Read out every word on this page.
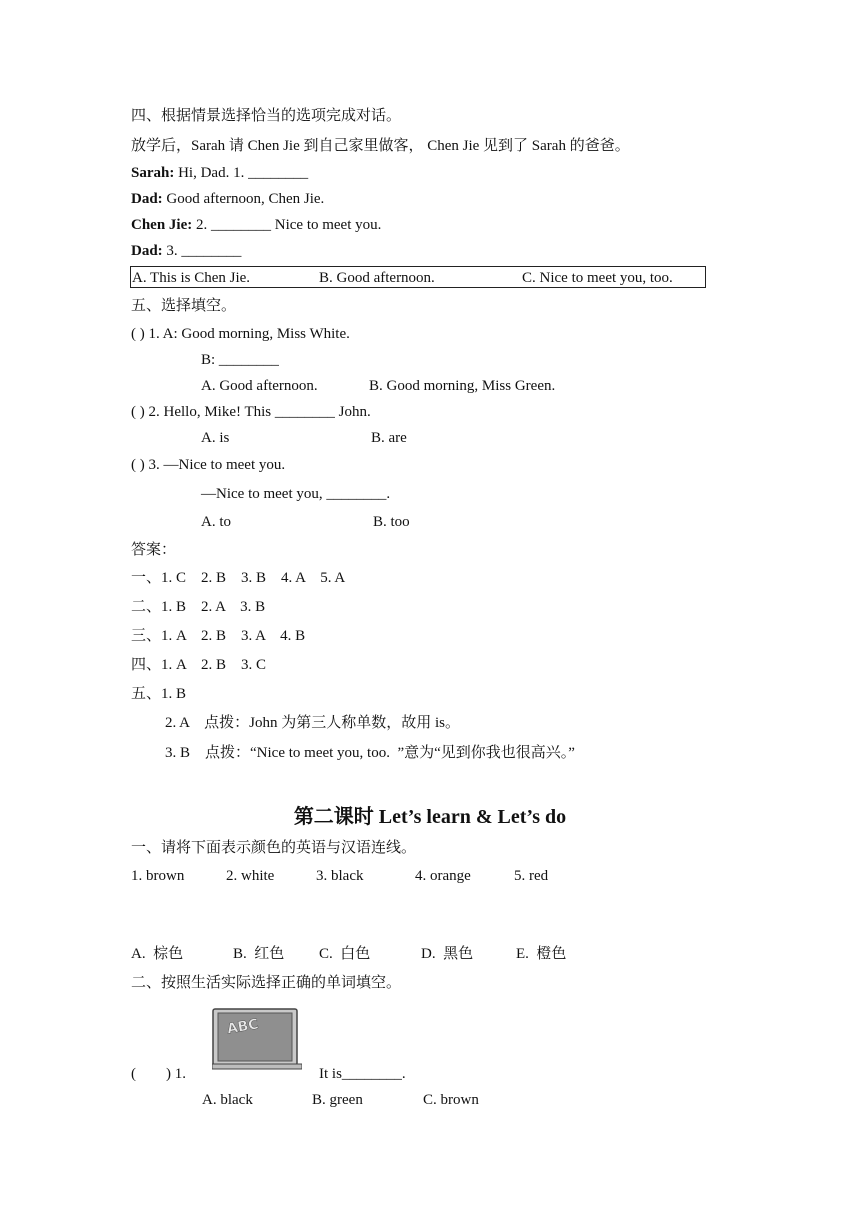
四、根据情景选择恰当的选项完成对话。
放学后，Sarah 请 Chen Jie 到自己家里做客， Chen Jie 见到了 Sarah 的爸爸。
Sarah: Hi, Dad. 1. ________
Dad: Good afternoon, Chen Jie.
Chen Jie: 2. ________ Nice to meet you.
Dad: 3. ________
A. This is Chen Jie.	B. Good afternoon.	C. Nice to meet you, too.
五、选择填空。
( ) 1. A: Good morning, Miss White.
B: ________
A. Good afternoon.	B. Good morning, Miss Green.
( ) 2. Hello, Mike! This ________ John.
A. is	B. are
( ) 3. —Nice to meet you.
—Nice to meet you, ________.
A. to	B. too
答案：
一、1. C    2. B    3. B    4. A    5. A
二、1. B    2. A    3. B
三、1. A    2. B    3. A    4. B
四、1. A    2. B    3. C
五、1. B
2. A    点拨：John 为第三人称单数，故用 is。
3. B    点拨：“Nice to meet you, too.  ”意为“见到你我也很高兴。”
第二课时 Let’s learn & Let’s do
一、请将下面表示颜色的英语与汉语连线。
1. brown	2. white	3. black	4. orange	5. red
A.  棕色	B.  红色 C.  白色	D.  黑色	E.  橙色
二、按照生活实际选择正确的单词填空。
ABC
(        ) 1.	It is________.
A. black	B. green	C. brown
